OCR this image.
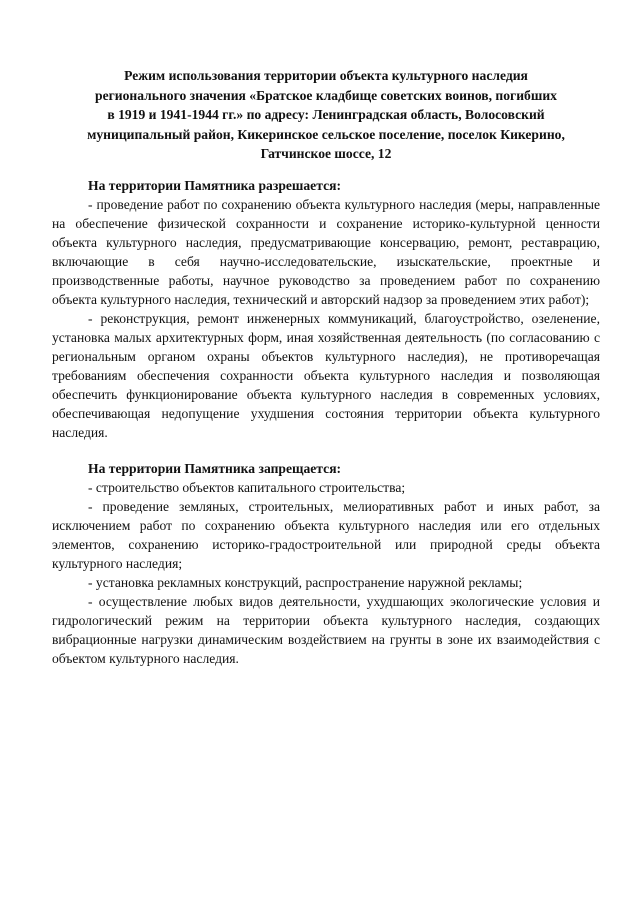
Режим использования территории объекта культурного наследия
регионального значения «Братское кладбище советских воинов, погибших
в 1919 и 1941-1944 гг.» по адресу: Ленинградская область, Волосовский
муниципальный район, Кикеринское сельское поселение, поселок Кикерино,
Гатчинское шоссе, 12

На территории Памятника разрешается:

- проведение работ по сохранению объекта культурного наследия (меры, направленные на обеспечение физической сохранности и сохранение историко-культурной ценности объекта культурного наследия, предусматривающие консервацию, ремонт, реставрацию, включающие в себя научно-исследовательские, изыскательские, проектные и производственные работы, научное руководство за проведением работ по сохранению объекта культурного наследия, технический и авторский надзор за проведением этих работ);

- реконструкция, ремонт инженерных коммуникаций, благоустройство, озеленение, установка малых архитектурных форм, иная хозяйственная деятельность (по согласованию с региональным органом охраны объектов культурного наследия), не противоречащая требованиям обеспечения сохранности объекта культурного наследия и позволяющая обеспечить функционирование объекта культурного наследия в современных условиях, обеспечивающая недопущение ухудшения состояния территории объекта культурного наследия.

На территории Памятника запрещается:

- строительство объектов капитального строительства;

- проведение земляных, строительных, мелиоративных работ и иных работ, за исключением работ по сохранению объекта культурного наследия или его отдельных элементов, сохранению историко-градостроительной или природной среды объекта культурного наследия;

- установка рекламных конструкций, распространение наружной рекламы;

- осуществление любых видов деятельности, ухудшающих экологические условия и гидрологический режим на территории объекта культурного наследия, создающих вибрационные нагрузки динамическим воздействием на грунты в зоне их взаимодействия с объектом культурного наследия.
